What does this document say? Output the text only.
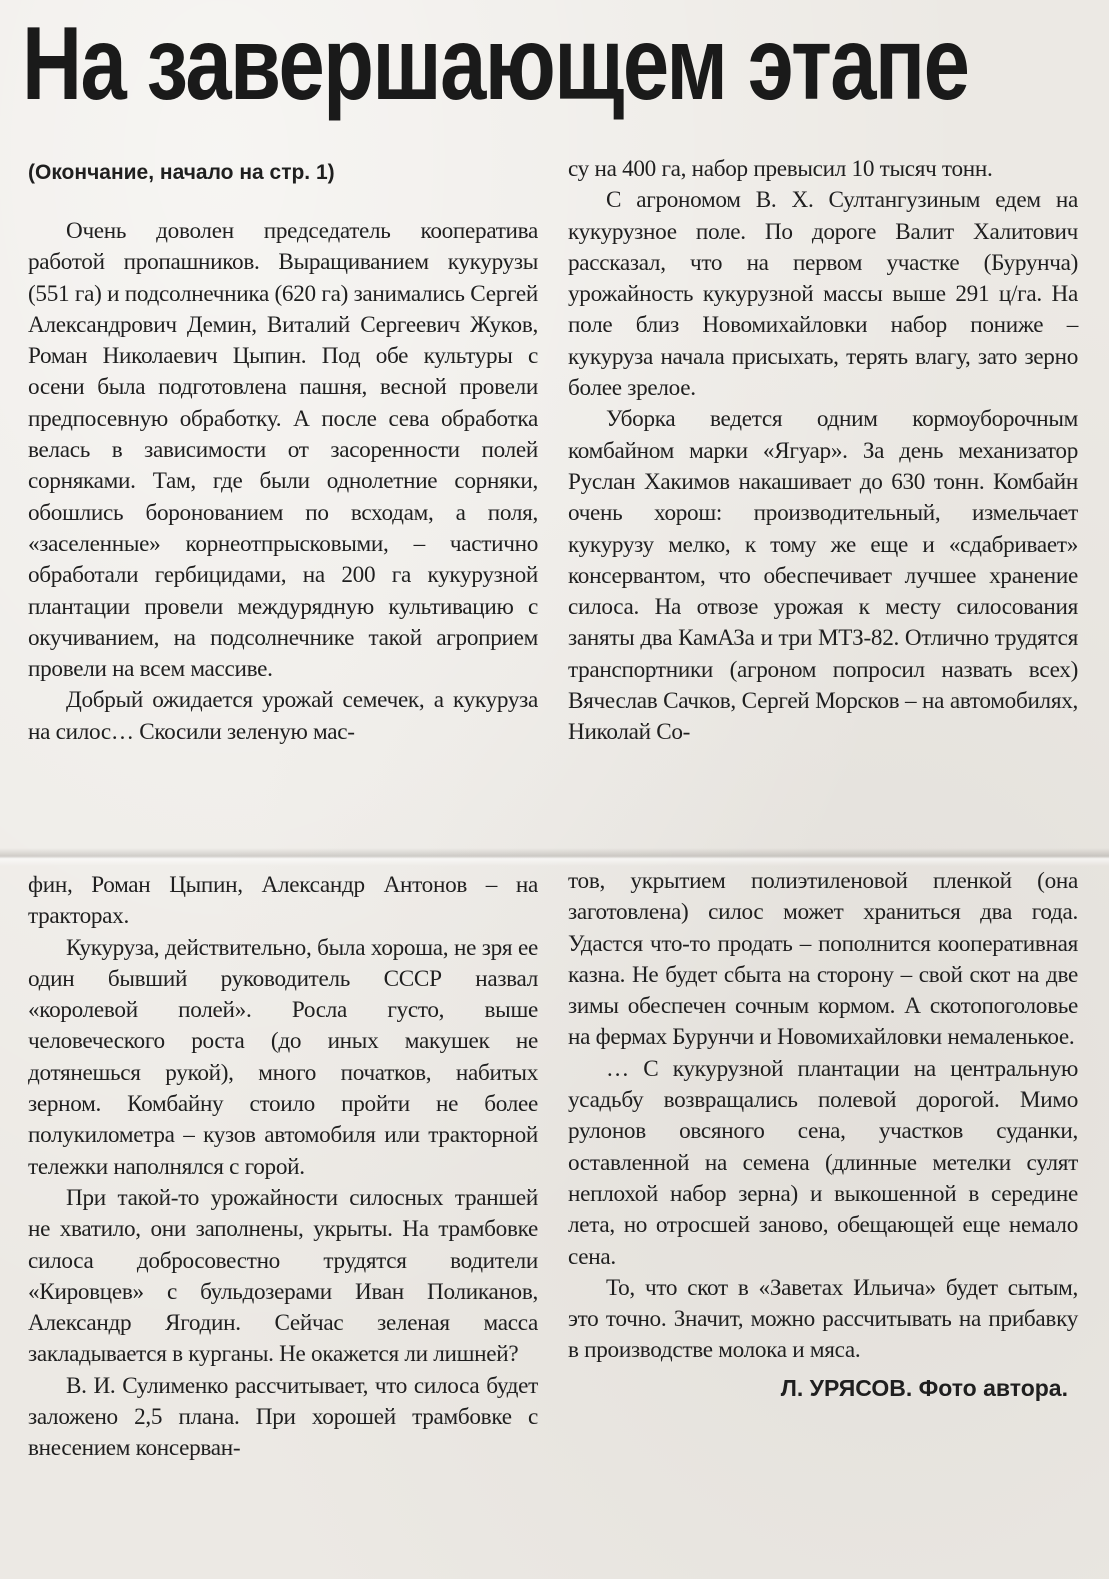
На завершающем этапе

(Окончание, начало на стр. 1)

Очень доволен председатель кооператива работой пропашников. Выращиванием кукурузы (551 га) и подсолнечника (620 га) занимались Сергей Александрович Демин, Виталий Сергеевич Жуков, Роман Николаевич Цыпин. Под обе культуры с осени была подготовлена пашня, весной провели предпосевную обработку. А после сева обработка велась в зависимости от засоренности полей сорняками. Там, где были однолетние сорняки, обошлись боронованием по всходам, а поля, «заселенные» корнеотпрысковыми, – частично обработали гербицидами, на 200 га кукурузной плантации провели междурядную культивацию с окучиванием, на подсолнечнике такой агроприем провели на всем массиве.

Добрый ожидается урожай семечек, а кукуруза на силос… Скосили зеленую мас-

су на 400 га, набор превысил 10 тысяч тонн.

С агрономом В. Х. Султангузиным едем на кукурузное поле. По дороге Валит Халитович рассказал, что на первом участке (Бурунча) урожайность кукурузной массы выше 291 ц/га. На поле близ Новомихайловки набор пониже – кукуруза начала присыхать, терять влагу, зато зерно более зрелое.

Уборка ведется одним кормоуборочным комбайном марки «Ягуар». За день механизатор Руслан Хакимов накашивает до 630 тонн. Комбайн очень хорош: производительный, измельчает кукурузу мелко, к тому же еще и «сдабривает» консервантом, что обеспечивает лучшее хранение силоса. На отвозе урожая к месту силосования заняты два КамАЗа и три МТЗ-82. Отлично трудятся транспортники (агроном попросил назвать всех) Вячеслав Сачков, Сергей Морсков – на автомобилях, Николай Со-

фин, Роман Цыпин, Александр Антонов – на тракторах.

Кукуруза, действительно, была хороша, не зря ее один бывший руководитель СССР назвал «королевой полей». Росла густо, выше человеческого роста (до иных макушек не дотянешься рукой), много початков, набитых зерном. Комбайну стоило пройти не более полукилометра – кузов автомобиля или тракторной тележки наполнялся с горой.

При такой-то урожайности силосных траншей не хватило, они заполнены, укрыты. На трамбовке силоса добросовестно трудятся водители «Кировцев» с бульдозерами Иван Поликанов, Александр Ягодин. Сейчас зеленая масса закладывается в курганы. Не окажется ли лишней?

В. И. Сулименко рассчитывает, что силоса будет заложено 2,5 плана. При хорошей трамбовке с внесением консерван-

тов, укрытием полиэтиленовой пленкой (она заготовлена) силос может храниться два года. Удастся что-то продать – пополнится кооперативная казна. Не будет сбыта на сторону – свой скот на две зимы обеспечен сочным кормом. А скотопоголовье на фермах Бурунчи и Новомихайловки немаленькое.

… С кукурузной плантации на центральную усадьбу возвращались полевой дорогой. Мимо рулонов овсяного сена, участков суданки, оставленной на семена (длинные метелки сулят неплохой набор зерна) и выкошенной в середине лета, но отросшей заново, обещающей еще немало сена.

То, что скот в «Заветах Ильича» будет сытым, это точно. Значит, можно рассчитывать на прибавку в производстве молока и мяса.

Л. УРЯСОВ. Фото автора.
